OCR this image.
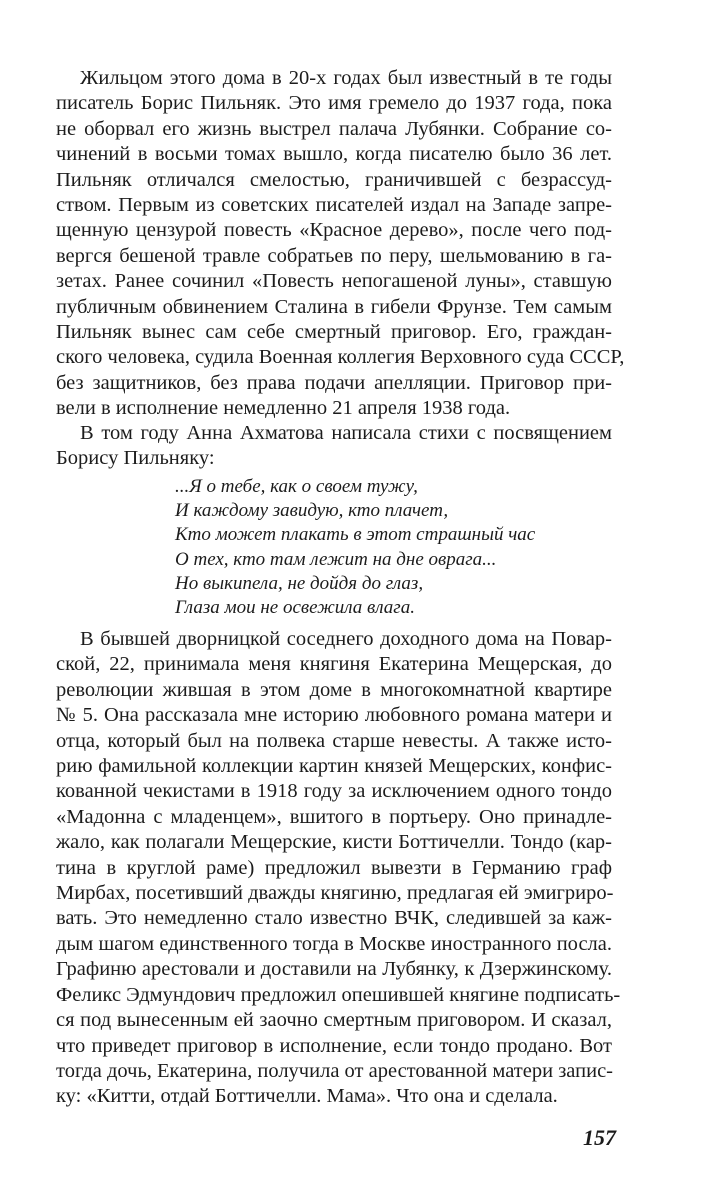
Жильцом этого дома в 20-х годах был известный в те годы
писатель Борис Пильняк. Это имя гремело до 1937 года, пока
не оборвал его жизнь выстрел палача Лубянки. Собрание со-
чинений в восьми томах вышло, когда писателю было 36 лет.
Пильняк отличался смелостью, граничившей с безрассуд-
ством. Первым из советских писателей издал на Западе запре-
щенную цензурой повесть «Красное дерево», после чего под-
вергся бешеной травле собратьев по перу, шельмованию в га-
зетах. Ранее сочинил «Повесть непогашеной луны», ставшую
публичным обвинением Сталина в гибели Фрунзе. Тем самым
Пильняк вынес сам себе смертный приговор. Его, граждан-
ского человека, судила Военная коллегия Верховного суда СССР,
без защитников, без права подачи апелляции. Приговор при-
вели в исполнение немедленно 21 апреля 1938 года.
В том году Анна Ахматова написала стихи с посвящением
Борису Пильняку:
...Я о тебе, как о своем тужу,
И каждому завидую, кто плачет,
Кто может плакать в этот страшный час
О тех, кто там лежит на дне оврага...
Но выкипела, не дойдя до глаз,
Глаза мои не освежила влага.
В бывшей дворницкой соседнего доходного дома на Повар-
ской, 22, принимала меня княгиня Екатерина Мещерская, до
революции жившая в этом доме в многокомнатной квартире
№ 5. Она рассказала мне историю любовного романа матери и
отца, который был на полвека старше невесты. А также исто-
рию фамильной коллекции картин князей Мещерских, конфис-
кованной чекистами в 1918 году за исключением одного тондо
«Мадонна с младенцем», вшитого в портьеру. Оно принадле-
жало, как полагали Мещерские, кисти Боттичелли. Тондо (кар-
тина в круглой раме) предложил вывезти в Германию граф
Мирбах, посетивший дважды княгиню, предлагая ей эмигриро-
вать. Это немедленно стало известно ВЧК, следившей за каж-
дым шагом единственного тогда в Москве иностранного посла.
Графиню арестовали и доставили на Лубянку, к Дзержинскому.
Феликс Эдмундович предложил опешившей княгине подписать-
ся под вынесенным ей заочно смертным приговором. И сказал,
что приведет приговор в исполнение, если тондо продано. Вот
тогда дочь, Екатерина, получила от арестованной матери запис-
ку: «Китти, отдай Боттичелли. Мама». Что она и сделала.
157
